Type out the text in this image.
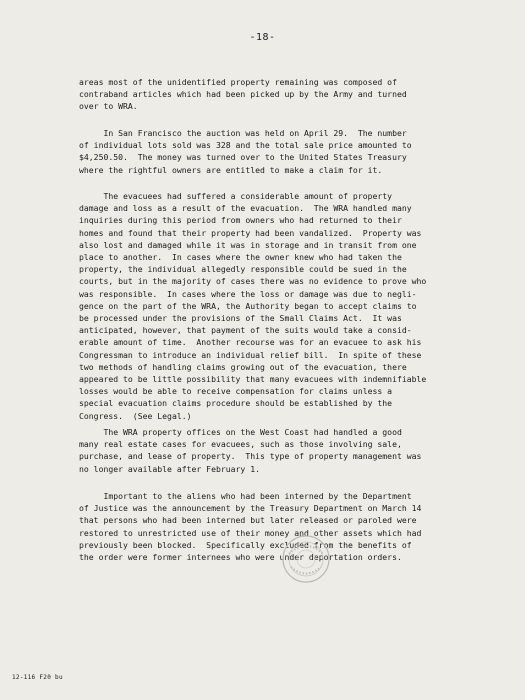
-18-
areas most of the unidentified property remaining was composed of
contraband articles which had been picked up by the Army and turned
over to WRA.
In San Francisco the auction was held on April 29.  The number
of individual lots sold was 328 and the total sale price amounted to
$4,250.50.  The money was turned over to the United States Treasury
where the rightful owners are entitled to make a claim for it.
The evacuees had suffered a considerable amount of property
damage and loss as a result of the evacuation.  The WRA handled many
inquiries during this period from owners who had returned to their
homes and found that their property had been vandalized.  Property was
also lost and damaged while it was in storage and in transit from one
place to another.  In cases where the owner knew who had taken the
property, the individual allegedly responsible could be sued in the
courts, but in the majority of cases there was no evidence to prove who
was responsible.  In cases where the loss or damage was due to negli-
gence on the part of the WRA, the Authority began to accept claims to
be processed under the provisions of the Small Claims Act.  It was
anticipated, however, that payment of the suits would take a consid-
erable amount of time.  Another recourse was for an evacuee to ask his
Congressman to introduce an individual relief bill.  In spite of these
two methods of handling claims growing out of the evacuation, there
appeared to be little possibility that many evacuees with indemnifiable
losses would be able to receive compensation for claims unless a
special evacuation claims procedure should be established by the
Congress.  (See Legal.)
The WRA property offices on the West Coast had handled a good
many real estate cases for evacuees, such as those involving sale,
purchase, and lease of property.  This type of property management was
no longer available after February 1.
Important to the aliens who had been interned by the Department
of Justice was the announcement by the Treasury Department on March 14
that persons who had been interned but later released or paroled were
restored to unrestricted use of their money and other assets which had
previously been blocked.  Specifically excluded from the benefits of
the order were former internees who were under deportation orders.
12-116 F20 bu
